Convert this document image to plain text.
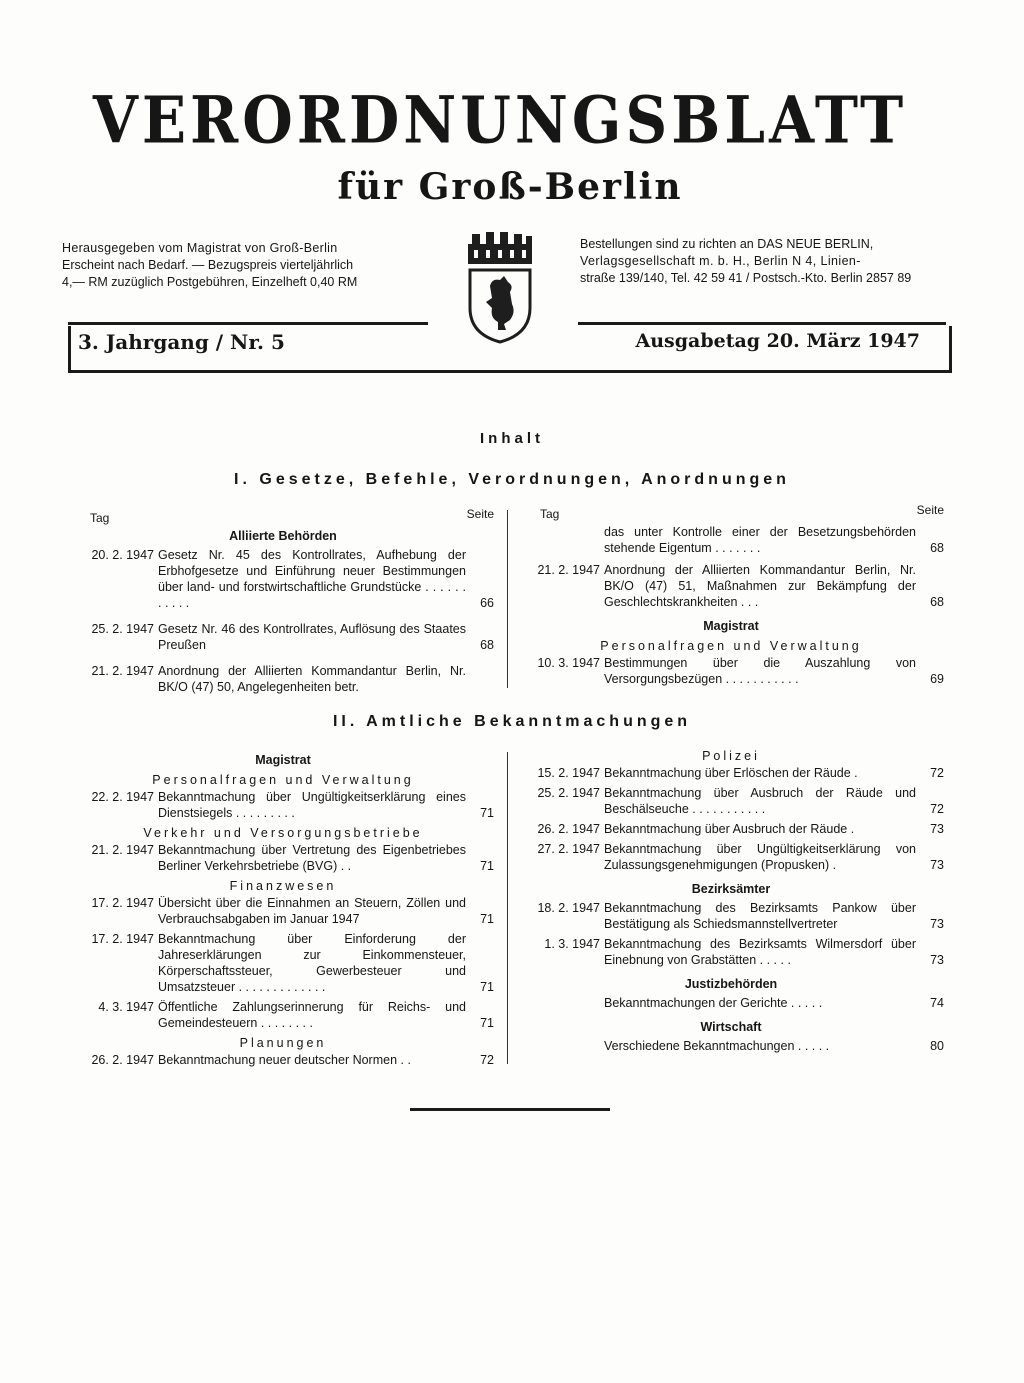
VERORDNUNGSBLATT
für Groß-Berlin
Herausgegeben vom Magistrat von Groß-Berlin
Erscheint nach Bedarf. — Bezugspreis vierteljährlich
4,— RM zuzüglich Postgebühren, Einzelheft 0,40 RM
Bestellungen sind zu richten an DAS NEUE BERLIN,
Verlagsgesellschaft m. b. H., Berlin N 4, Linien-
straße 139/140, Tel. 42 59 41 / Postsch.-Kto. Berlin 2857 89
3. Jahrgang / Nr. 5	Ausgabetag 20. März 1947
Inhalt
I. Gesetze, Befehle, Verordnungen, Anordnungen
Tag	Seite
Alliierte Behörden
20. 2. 1947 Gesetz Nr. 45 des Kontrollrates, Aufhebung der Erbhofgesetze und Einführung neuer Bestimmungen über land- und forstwirtschaftliche Grundstücke . . . . . . . . . . .	66
25. 2. 1947 Gesetz Nr. 46 des Kontrollrates, Auflösung des Staates Preußen	68
21. 2. 1947 Anordnung der Alliierten Kommandantur Berlin, Nr. BK/O (47) 50, Angelegenheiten betr.
Tag	Seite
das unter Kontrolle einer der Besetzungsbehörden stehende Eigentum . . . . . . .	68
21. 2. 1947 Anordnung der Alliierten Kommandantur Berlin, Nr. BK/O (47) 51, Maßnahmen zur Bekämpfung der Geschlechtskrankheiten . . .	68
Magistrat
Personalfragen und Verwaltung
10. 3. 1947 Bestimmungen über die Auszahlung von Versorgungsbezügen . . . . . . . . . . .	69
II. Amtliche Bekanntmachungen
Magistrat
Personalfragen und Verwaltung
22. 2. 1947 Bekanntmachung über Ungültigkeitserklärung eines Dienstsiegels . . . . . . . . .	71
Verkehr und Versorgungsbetriebe
21. 2. 1947 Bekanntmachung über Vertretung des Eigenbetriebes Berliner Verkehrsbetriebe (BVG) . .	71
Finanzwesen
17. 2. 1947 Übersicht über die Einnahmen an Steuern, Zöllen und Verbrauchsabgaben im Januar 1947	71
17. 2. 1947 Bekanntmachung über Einforderung der Jahreserklärungen zur Einkommensteuer, Körperschaftssteuer, Gewerbesteuer und Umsatzsteuer . . . . . . . . . . . . .	71
4. 3. 1947 Öffentliche Zahlungserinnerung für Reichs- und Gemeindesteuern . . . . . . . .	71
Planungen
26. 2. 1947 Bekanntmachung neuer deutscher Normen . .	72
Polizei
15. 2. 1947 Bekanntmachung über Erlöschen der Räude .	72
25. 2. 1947 Bekanntmachung über Ausbruch der Räude und Beschälseuche . . . . . . . . . . .	72
26. 2. 1947 Bekanntmachung über Ausbruch der Räude .	73
27. 2. 1947 Bekanntmachung über Ungültigkeitserklärung von Zulassungsgenehmigungen (Propusken) .	73
Bezirksämter
18. 2. 1947 Bekanntmachung des Bezirksamts Pankow über Bestätigung als Schiedsmannstellvertreter	73
1. 3. 1947 Bekanntmachung des Bezirksamts Wilmersdorf über Einebnung von Grabstätten . . . . .	73
Justizbehörden
Bekanntmachungen der Gerichte . . . . .	74
Wirtschaft
Verschiedene Bekanntmachungen . . . . .	80
